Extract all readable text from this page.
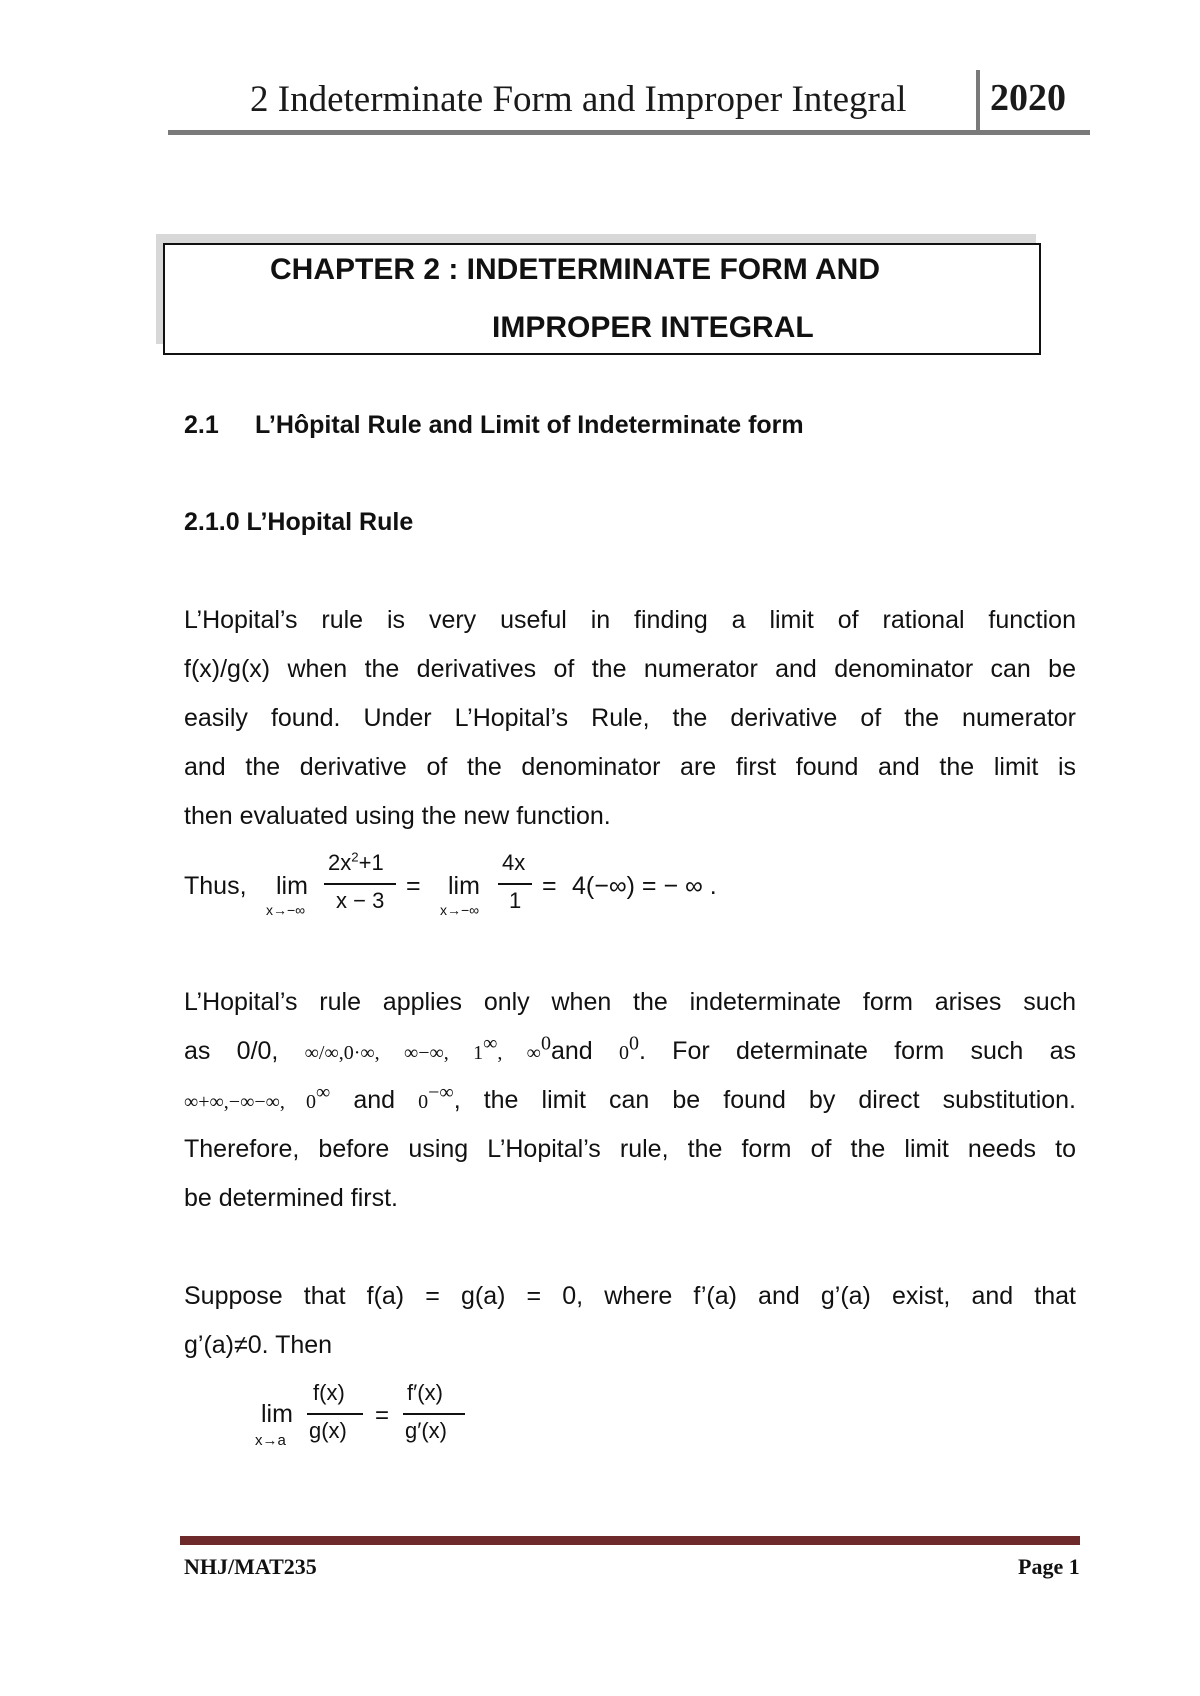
2 Indeterminate Form and Improper Integral 2020
CHAPTER 2 : INDETERMINATE FORM AND
IMPROPER INTEGRAL
2.1 L’Hôpital Rule and Limit of Indeterminate form
2.1.0 L’Hopital Rule
L’Hopital’s rule is very useful in finding a limit of rational function
f(x)/g(x) when the derivatives of the numerator and denominator can be
easily found. Under L’Hopital’s Rule, the derivative of the numerator
and the derivative of the denominator are first found and the limit is
then evaluated using the new function.
Thus, lim
x→−∞
$2x^2+1$
x − 3
= lim
x→−∞
4x
1
= 4(−∞) = − ∞ .
L’Hopital’s rule applies only when the indeterminate form arises such
as 0/0, ∞/∞,0·∞, ∞−∞, 1∞, ∞$^0$and $0^0$. For determinate form such as
∞+∞,−∞−∞, 0∞ and 0−∞, the limit can be found by direct substitution.
Therefore, before using L’Hopital’s rule, the form of the limit needs to
be determined first.
Suppose that f(a) = g(a) = 0, where f’(a) and g’(a) exist, and that
g’(a)≠0. Then
lim
x→a
f(x)
g(x)
=
f′(x)
g′(x)
NHJ/MAT235	Page 1
